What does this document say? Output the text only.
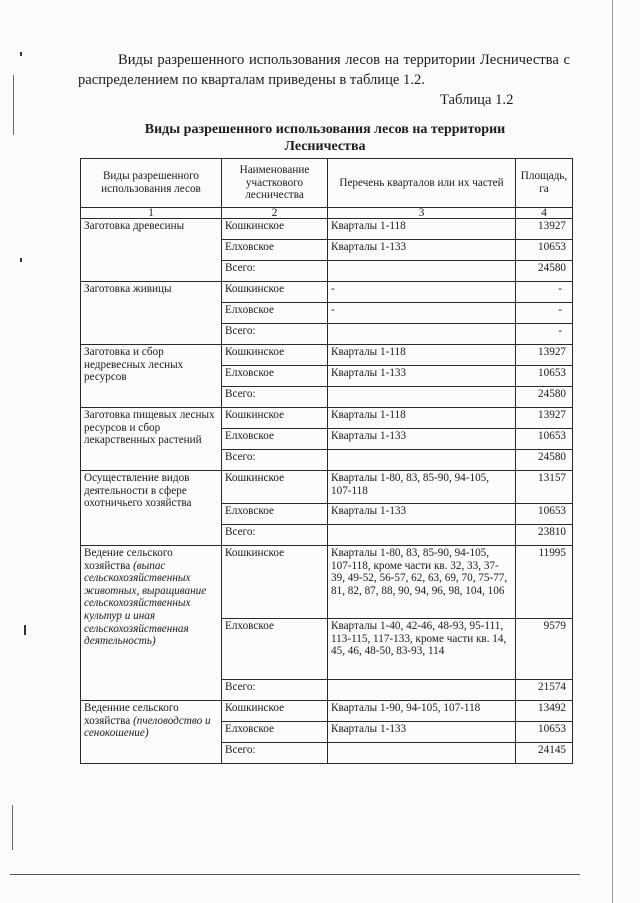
Виды разрешенного использования лесов на территории Лесничества с распределением по кварталам приведены в таблице 1.2.

Таблица 1.2
Виды разрешенного использования лесов на территории Лесничества
Виды разрешенного использования лесов	Наименование участкового лесничества	Перечень кварталов или их частей	Площадь, га
1	2	3	4
Заготовка древесины	Кошкинское	Кварталы 1-118	13927
	Елховское	Кварталы 1-133	10653
	Всего:		24580
Заготовка живицы	Кошкинское	-	-
	Елховское	-	-
	Всего:		-
Заготовка и сбор недревесных лесных ресурсов	Кошкинское	Кварталы 1-118	13927
	Елховское	Кварталы 1-133	10653
	Всего:		24580
Заготовка пищевых лесных ресурсов и сбор лекарственных растений	Кошкинское	Кварталы 1-118	13927
	Елховское	Кварталы 1-133	10653
	Всего:		24580
Осуществление видов деятельности в сфере охотничьего хозяйства	Кошкинское	Кварталы 1-80, 83, 85-90, 94-105, 107-118	13157
	Елховское	Кварталы 1-133	10653
	Всего:		23810
Ведение сельского хозяйства (выпас сельскохозяйственных животных, выращивание сельскохозяйственных культур и иная сельскохозяйственная деятельность)	Кошкинское	Кварталы 1-80, 83, 85-90, 94-105, 107-118, кроме части кв. 32, 33, 37-39, 49-52, 56-57, 62, 63, 69, 70, 75-77, 81, 82, 87, 88, 90, 94, 96, 98, 104, 106	11995
	Елховское	Кварталы 1-40, 42-46, 48-93, 95-111, 113-115, 117-133, кроме части кв. 14, 45, 46, 48-50, 83-93, 114	9579
	Всего:		21574
Веденние сельского хозяйства (пчеловодство и сенокошение)	Кошкинское	Кварталы 1-90, 94-105, 107-118	13492
	Елховское	Кварталы 1-133	10653
	Всего:		24145
